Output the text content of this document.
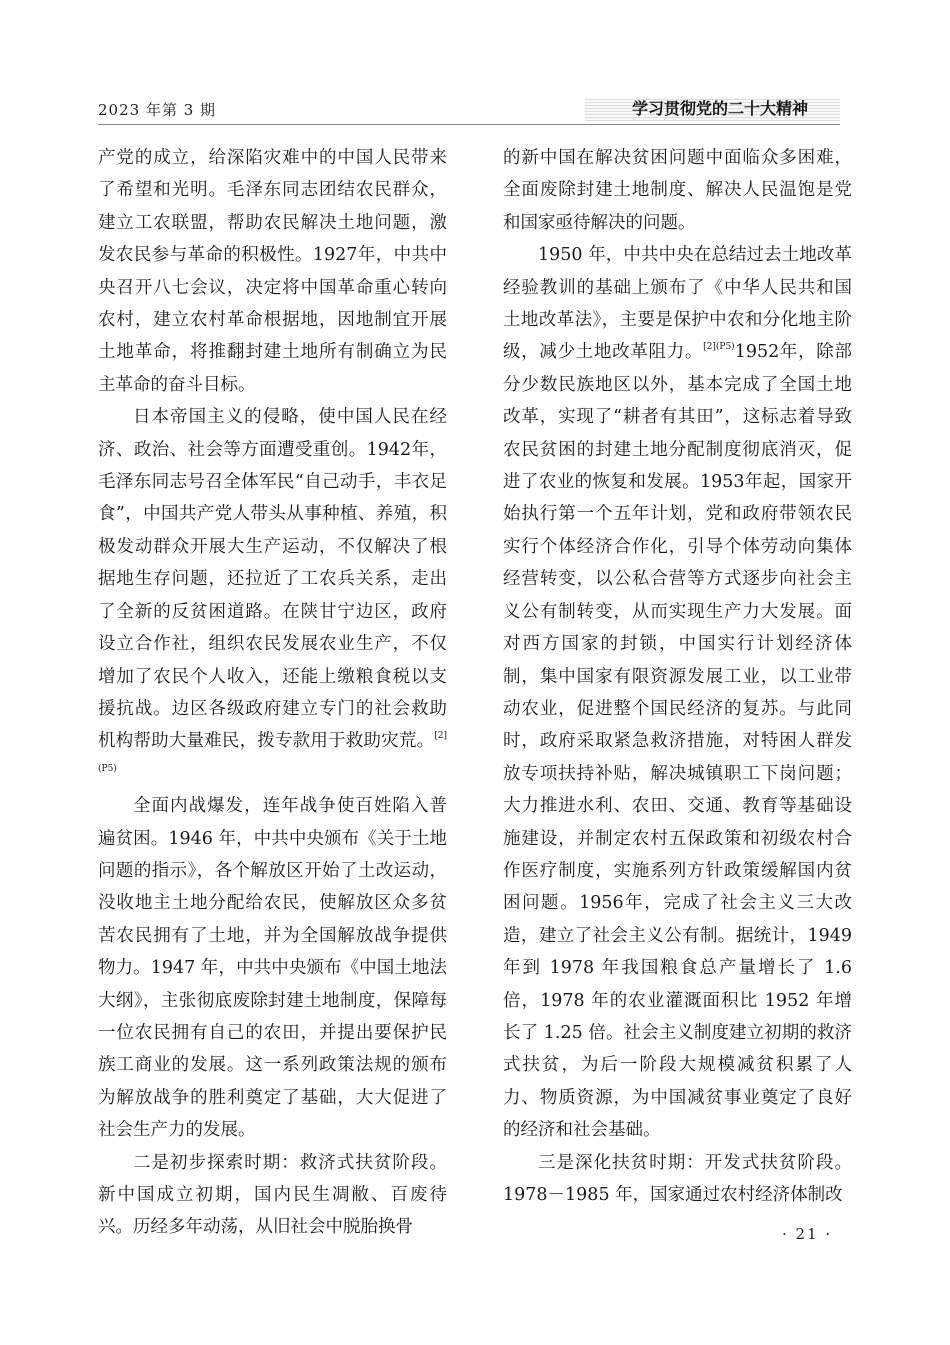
2023 年第 3 期	学习贯彻党的二十大精神

产党的成立，给深陷灾难中的中国人民带来了希望和光明。毛泽东同志团结农民群众，建立工农联盟，帮助农民解决土地问题，激发农民参与革命的积极性。1927年，中共中央召开八七会议，决定将中国革命重心转向农村，建立农村革命根据地，因地制宜开展土地革命，将推翻封建土地所有制确立为民主革命的奋斗目标。

日本帝国主义的侵略，使中国人民在经济、政治、社会等方面遭受重创。1942年，毛泽东同志号召全体军民“自己动手，丰衣足食”，中国共产党人带头从事种植、养殖，积极发动群众开展大生产运动，不仅解决了根据地生存问题，还拉近了工农兵关系，走出了全新的反贫困道路。在陕甘宁边区，政府设立合作社，组织农民发展农业生产，不仅增加了农民个人收入，还能上缴粮食税以支援抗战。边区各级政府建立专门的社会救助机构帮助大量难民，拨专款用于救助灾荒。$^{[2](P5)}$

全面内战爆发，连年战争使百姓陷入普遍贫困。1946 年，中共中央颁布《关于土地问题的指示》，各个解放区开始了土改运动，没收地主土地分配给农民，使解放区众多贫苦农民拥有了土地，并为全国解放战争提供物力。1947 年，中共中央颁布《中国土地法大纲》，主张彻底废除封建土地制度，保障每一位农民拥有自己的农田，并提出要保护民族工商业的发展。这一系列政策法规的颁布为解放战争的胜利奠定了基础，大大促进了社会生产力的发展。

二是初步探索时期：救济式扶贫阶段。新中国成立初期，国内民生凋敝、百废待兴。历经多年动荡，从旧社会中脱胎换骨

的新中国在解决贫困问题中面临众多困难，全面废除封建土地制度、解决人民温饱是党和国家亟待解决的问题。

1950 年，中共中央在总结过去土地改革经验教训的基础上颁布了《中华人民共和国土地改革法》，主要是保护中农和分化地主阶级，减少土地改革阻力。$^{[2](P5)}$1952年，除部分少数民族地区以外，基本完成了全国土地改革，实现了“耕者有其田”，这标志着导致农民贫困的封建土地分配制度彻底消灭，促进了农业的恢复和发展。1953年起，国家开始执行第一个五年计划，党和政府带领农民实行个体经济合作化，引导个体劳动向集体经营转变，以公私合营等方式逐步向社会主义公有制转变，从而实现生产力大发展。面对西方国家的封锁，中国实行计划经济体制，集中国家有限资源发展工业，以工业带动农业，促进整个国民经济的复苏。与此同时，政府采取紧急救济措施，对特困人群发放专项扶持补贴，解决城镇职工下岗问题；大力推进水利、农田、交通、教育等基础设施建设，并制定农村五保政策和初级农村合作医疗制度，实施系列方针政策缓解国内贫困问题。1956年，完成了社会主义三大改造，建立了社会主义公有制。据统计，1949 年到 1978 年我国粮食总产量增长了 1.6 倍，1978 年的农业灌溉面积比 1952 年增长了 1.25 倍。社会主义制度建立初期的救济式扶贫，为后一阶段大规模减贫积累了人力、物质资源，为中国减贫事业奠定了良好的经济和社会基础。

三是深化扶贫时期：开发式扶贫阶段。1978－1985 年，国家通过农村经济体制改

· 21 ·
